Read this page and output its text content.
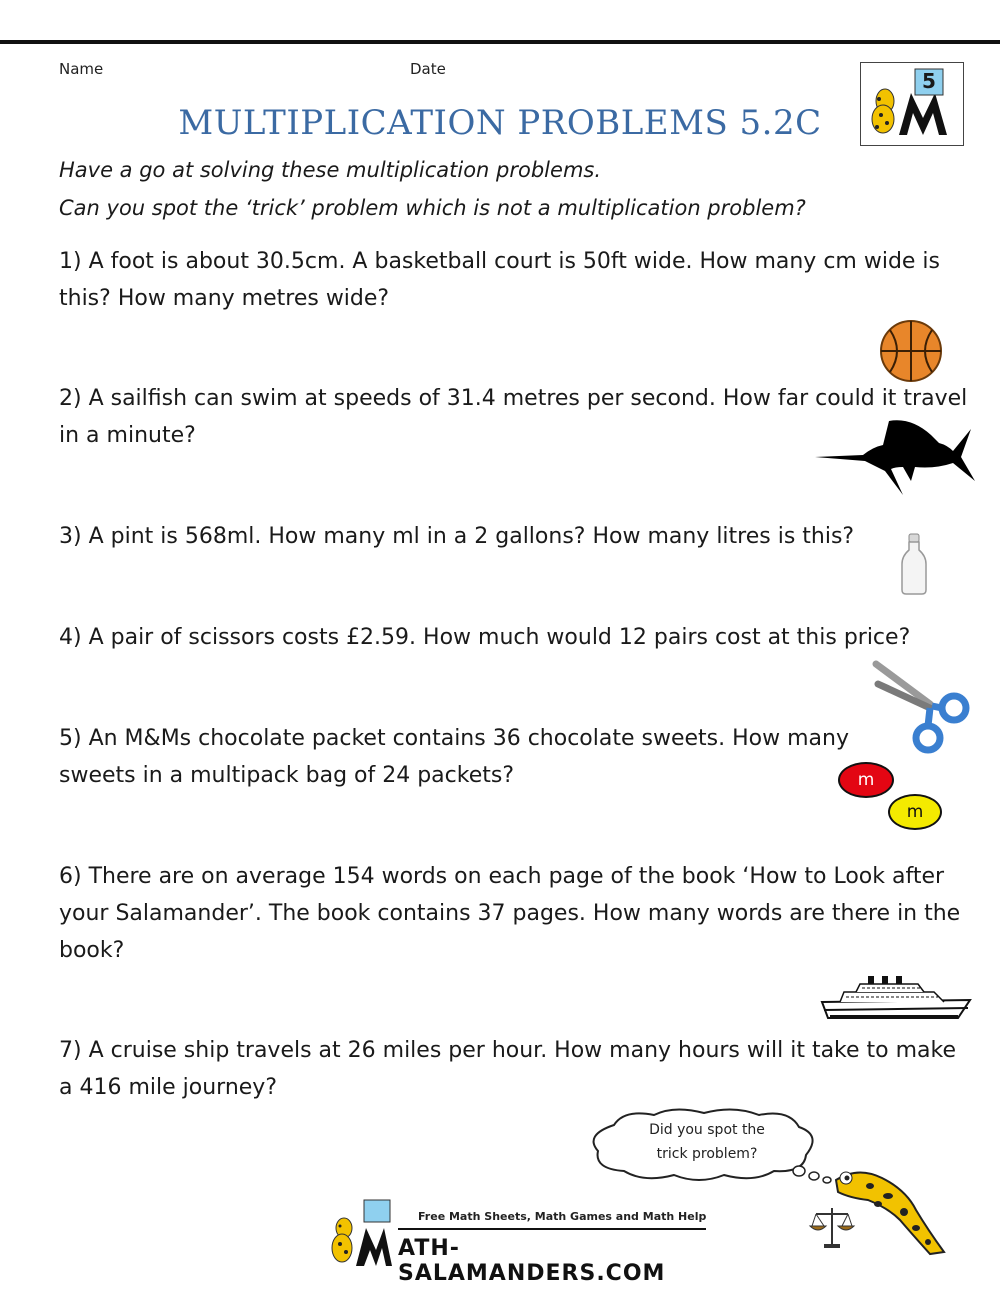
Name	Date	5
MULTIPLICATION PROBLEMS 5.2C
Have a go at solving these multiplication problems.
Can you spot the ‘trick’ problem which is not a multiplication problem?
1) A foot is about 30.5cm. A basketball court is 50ft wide. How many cm wide is
this? How many metres wide?
2) A sailfish can swim at speeds of 31.4 metres per second. How far could it travel
in a minute?
3) A pint is 568ml. How many ml in a 2 gallons? How many litres is this?
4) A pair of scissors costs £2.59. How much would 12 pairs cost at this price?
5) An M&Ms chocolate packet contains 36 chocolate sweets. How many
sweets in a multipack bag of 24 packets?
6) There are on average 154 words on each page of the book ‘How to Look after
your Salamander’. The book contains 37 pages. How many words are there in the
book?
7) A cruise ship travels at 26 miles per hour. How many hours will it take to make
a 416 mile journey?
m
m
Did you spot the
trick problem?
Free Math Sheets, Math Games and Math Help
ATH-SALAMANDERS.COM
